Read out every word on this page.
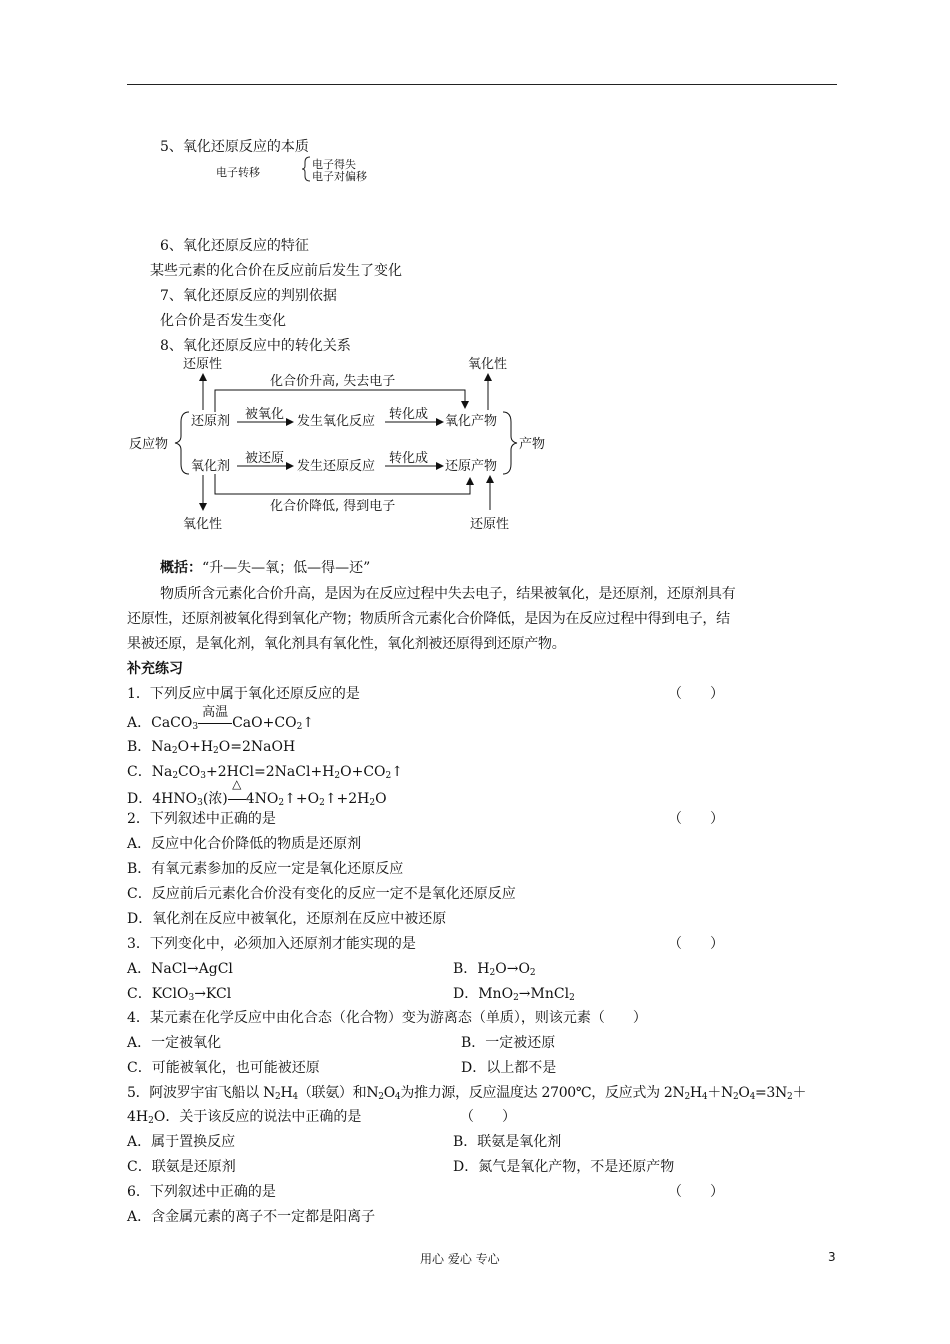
5、氧化还原反应的本质
电子转移
电子得失
电子对偏移
6、氧化还原反应的特征
某些元素的化合价在反应前后发生了变化
7、氧化还原反应的判别依据
化合价是否发生变化
8、氧化还原反应中的转化关系
还原性	氧化性
氧化性	还原性
化合价升高, 失去电子
化合价降低, 得到电子
反应物	产物
还原剂 被氧化 发生氧化反应 转化成 氧化产物
氧化剂
被还原
发生还原反应
转化成
还原产物
概括：“升—失—氧；低—得—还”
物质所含元素化合价升高，是因为在反应过程中失去电子，结果被氧化，是还原剂，还原剂具有
还原性，还原剂被氧化得到氧化产物；物质所含元素化合价降低，是因为在反应过程中得到电子，结
果被还原，是氧化剂，氧化剂具有氧化性，氧化剂被还原得到还原产物。
补充练习
1．下列反应中属于氧化还原反应的是	（　　）
A．CaCO$_3$
高温
$CaO+CO_2↑$
B．$Na_2O+H_2O=2NaOH$
C．$Na_2CO_3+2HCl=2NaCl+H_2O+CO_2↑$
D．$4HNO_3$(浓)
△
$4NO_2↑+O_2↑+2H_2O$
2．下列叙述中正确的是	（　　）
A．反应中化合价降低的物质是还原剂
B．有氧元素参加的反应一定是氧化还原反应
C．反应前后元素化合价没有变化的反应一定不是氧化还原反应
D．氧化剂在反应中被氧化，还原剂在反应中被还原
3．下列变化中，必须加入还原剂才能实现的是	（　　）
A．NaCl→AgCl	B．$H_2O\to O_2$
C．KClO$_3$→KCl	D．MnO$_2$→MnCl$_2$
4．某元素在化学反应中由化合态（化合物）变为游离态（单质），则该元素（　　）
A．一定被氧化	B．一定被还原
C．可能被氧化，也可能被还原	D．以上都不是
5．阿波罗宇宙飞船以 $N_2H_4$（联氨）和$N_2O_4$为推力源，反应温度达 2700℃，反应式为 $2N_2H_4+N_2O_4=3N_2+$
$4H_2O$．关于该反应的说法中正确的是	（　　）
A．属于置换反应	B．联氨是氧化剂
C．联氨是还原剂	D．氮气是氧化产物，不是还原产物
6．下列叙述中正确的是	（　　）
A．含金属元素的离子不一定都是阳离子
用心 爱心 专心	3
